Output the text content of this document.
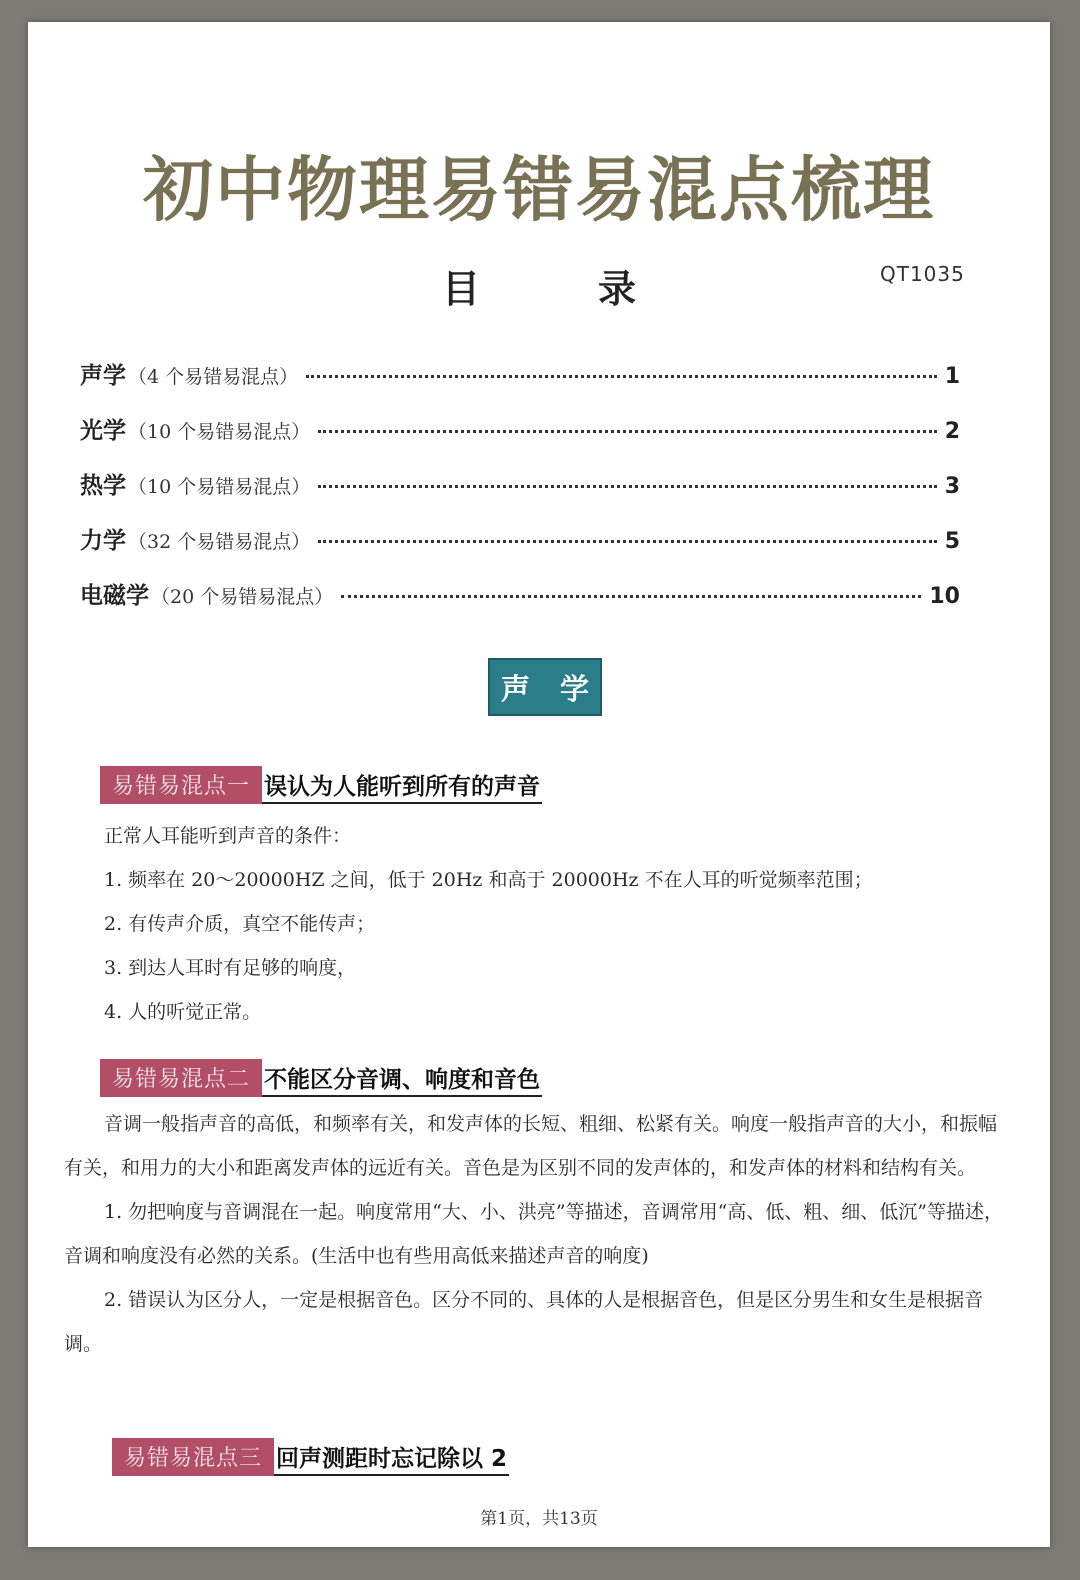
初中物理易错易混点梳理
目　录	QT1035
声学 （4 个易错易混点）	1
光学 （10 个易错易混点）	2
热学 （10 个易错易混点）	3
力学 （32 个易错易混点）	5
电磁学 （20 个易错易混点）	10
声 学
易错易混点一 误认为人能听到所有的声音
正常人耳能听到声音的条件：
1. 频率在 20～20000HZ 之间，低于 20Hz 和高于 20000Hz 不在人耳的听觉频率范围；
2. 有传声介质，真空不能传声；
3. 到达人耳时有足够的响度，
4. 人的听觉正常。
易错易混点二 不能区分音调、响度和音色

音调一般指声音的高低，和频率有关，和发声体的长短、粗细、松紧有关。响度一般指声音的大小，和振幅有关，和用力的大小和距离发声体的远近有关。音色是为区别不同的发声体的，和发声体的材料和结构有关。

1. 勿把响度与音调混在一起。响度常用“大、小、洪亮”等描述，音调常用“高、低、粗、细、低沉”等描述，音调和响度没有必然的关系。(生活中也有些用高低来描述声音的响度)

2. 错误认为区分人，一定是根据音色。区分不同的、具体的人是根据音色，但是区分男生和女生是根据音调。

易错易混点三 回声测距时忘记除以 2
第1页，共13页
